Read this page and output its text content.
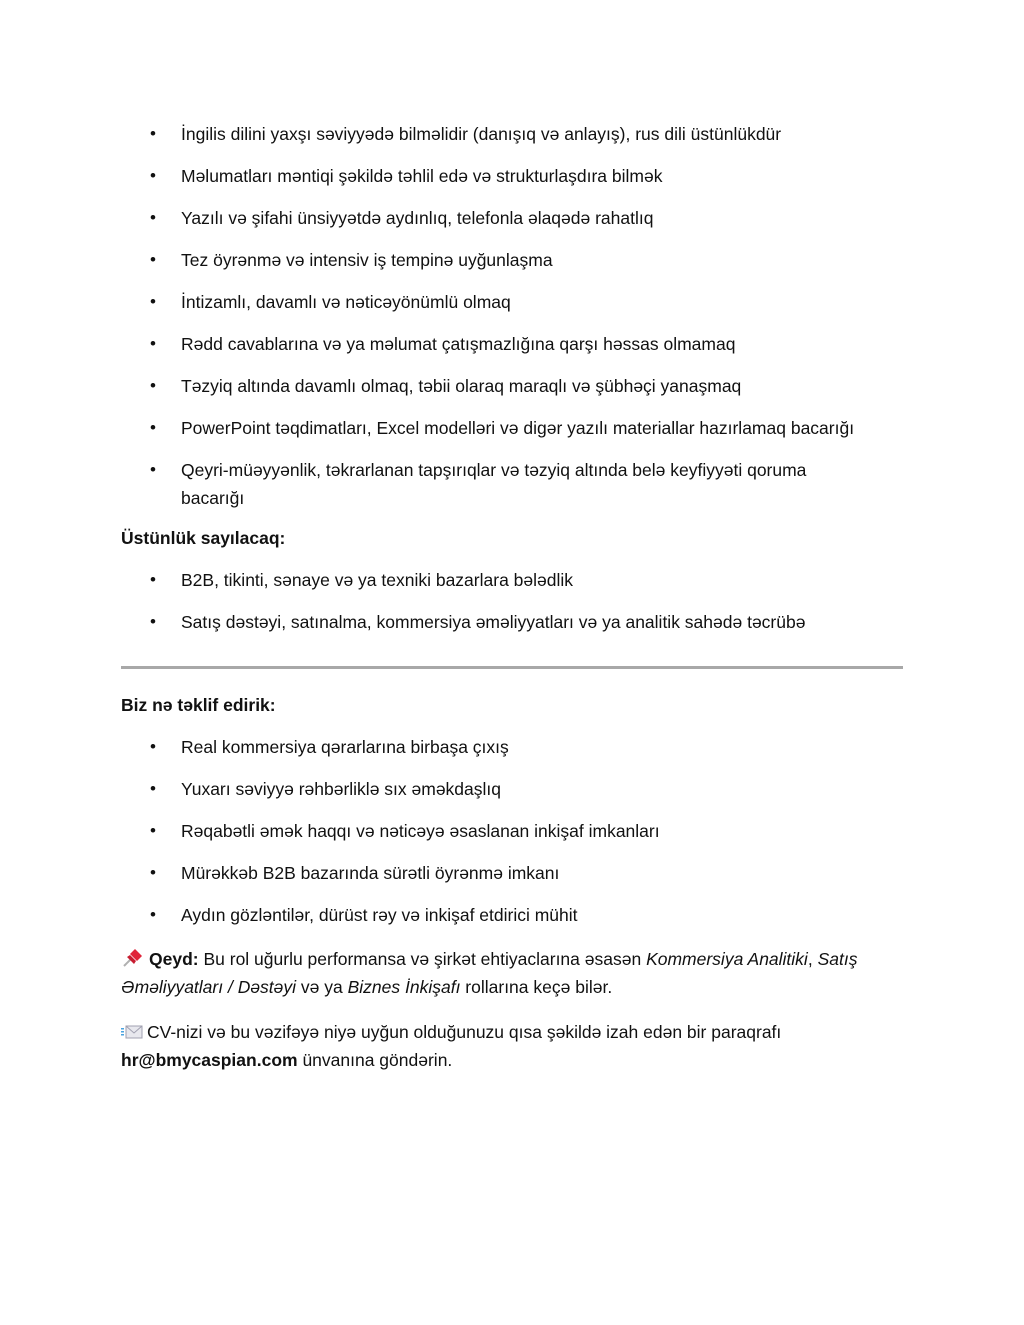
• İngilis dilini yaxşı səviyyədə bilməlidir (danışıq və anlayış), rus dili üstünlükdür
• Məlumatları məntiqi şəkildə təhlil edə və strukturlaşdıra bilmək
• Yazılı və şifahi ünsiyyətdə aydınlıq, telefonla əlaqədə rahatlıq
• Tez öyrənmə və intensiv iş tempinə uyğunlaşma
• İntizamlı, davamlı və nəticəyönümlü olmaq
• Rədd cavablarına və ya məlumat çatışmazlığına qarşı həssas olmamaq
• Təzyiq altında davamlı olmaq, təbii olaraq maraqlı və şübhəçi yanaşmaq
• PowerPoint təqdimatları, Excel modelləri və digər yazılı materiallar hazırlamaq bacarığı
• Qeyri-müəyyənlik, təkrarlanan tapşırıqlar və təzyiq altında belə keyfiyyəti qoruma
bacarığı
Üstünlük sayılacaq:
• B2B, tikinti, sənaye və ya texniki bazarlara bələdlik
• Satış dəstəyi, satınalma, kommersiya əməliyyatları və ya analitik sahədə təcrübə
Biz nə təklif edirik:
• Real kommersiya qərarlarına birbaşa çıxış
• Yuxarı səviyyə rəhbərliklə sıx əməkdaşlıq
• Rəqabətli əmək haqqı və nəticəyə əsaslanan inkişaf imkanları
• Mürəkkəb B2B bazarında sürətli öyrənmə imkanı
• Aydın gözləntilər, dürüst rəy və inkişaf etdirici mühit
Qeyd: Bu rol uğurlu performansa və şirkət ehtiyaclarına əsasən Kommersiya Analitiki, Satış
Əməliyyatları / Dəstəyi və ya Biznes İnkişafı rollarına keçə bilər.
CV-nizi və bu vəzifəyə niyə uyğun olduğunuzu qısa şəkildə izah edən bir paraqrafı
hr@bmycaspian.com ünvanına göndərin.
